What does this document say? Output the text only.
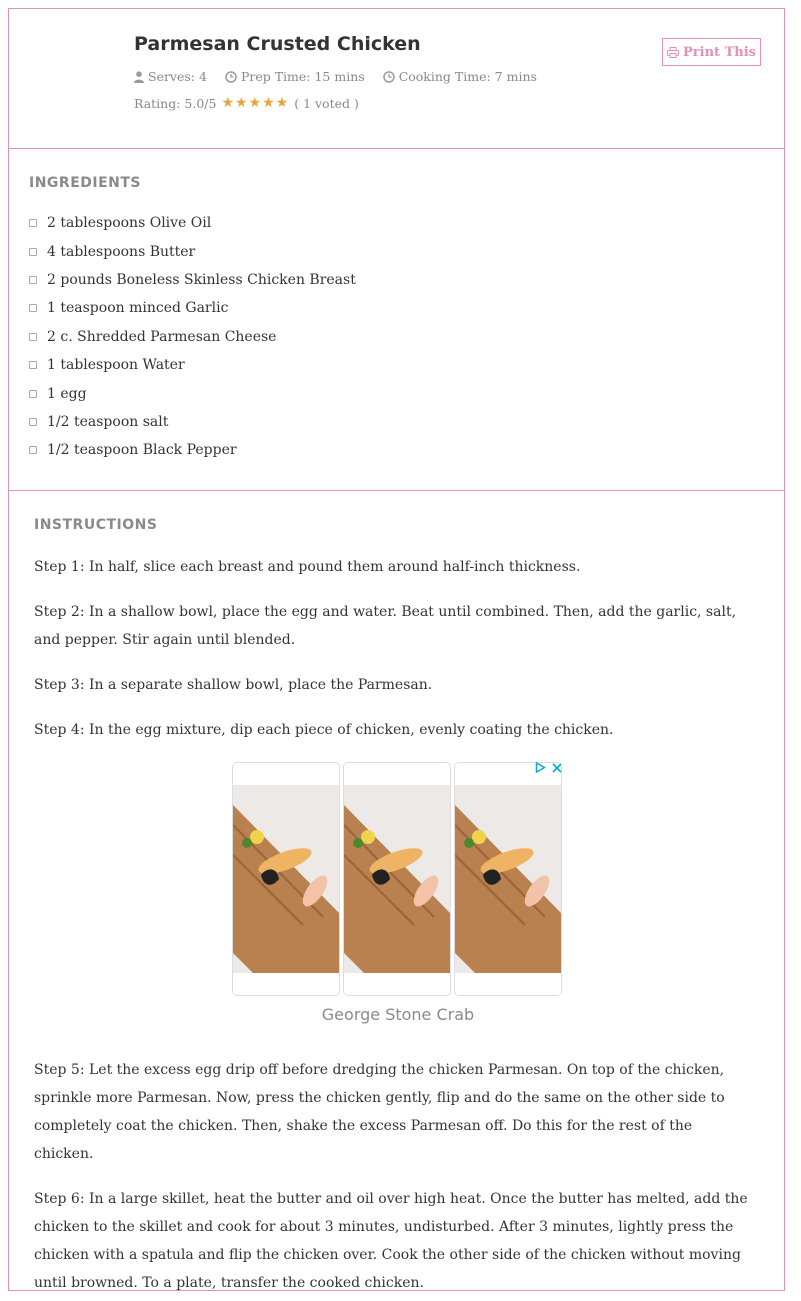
Parmesan Crusted Chicken
Serves: 4	Prep Time: 15 mins	Cooking Time: 7 mins
Rating: 5.0/5 ★★★★★ ( 1 voted )
Print This
INGREDIENTS
2 tablespoons Olive Oil
4 tablespoons Butter
2 pounds Boneless Skinless Chicken Breast
1 teaspoon minced Garlic
2 c. Shredded Parmesan Cheese
1 tablespoon Water
1 egg
1/2 teaspoon salt
1/2 teaspoon Black Pepper
INSTRUCTIONS

Step 1: In half, slice each breast and pound them around half-inch thickness.

Step 2: In a shallow bowl, place the egg and water. Beat until combined. Then, add the garlic, salt, and pepper. Stir again until blended.

Step 3: In a separate shallow bowl, place the Parmesan.

Step 4: In the egg mixture, dip each piece of chicken, evenly coating the chicken.

George Stone Crab

Step 5: Let the excess egg drip off before dredging the chicken Parmesan. On top of the chicken, sprinkle more Parmesan. Now, press the chicken gently, flip and do the same on the other side to completely coat the chicken. Then, shake the excess Parmesan off. Do this for the rest of the chicken.

Step 6: In a large skillet, heat the butter and oil over high heat. Once the butter has melted, add the chicken to the skillet and cook for about 3 minutes, undisturbed. After 3 minutes, lightly press the chicken with a spatula and flip the chicken over. Cook the other side of the chicken without moving until browned. To a plate, transfer the cooked chicken.
